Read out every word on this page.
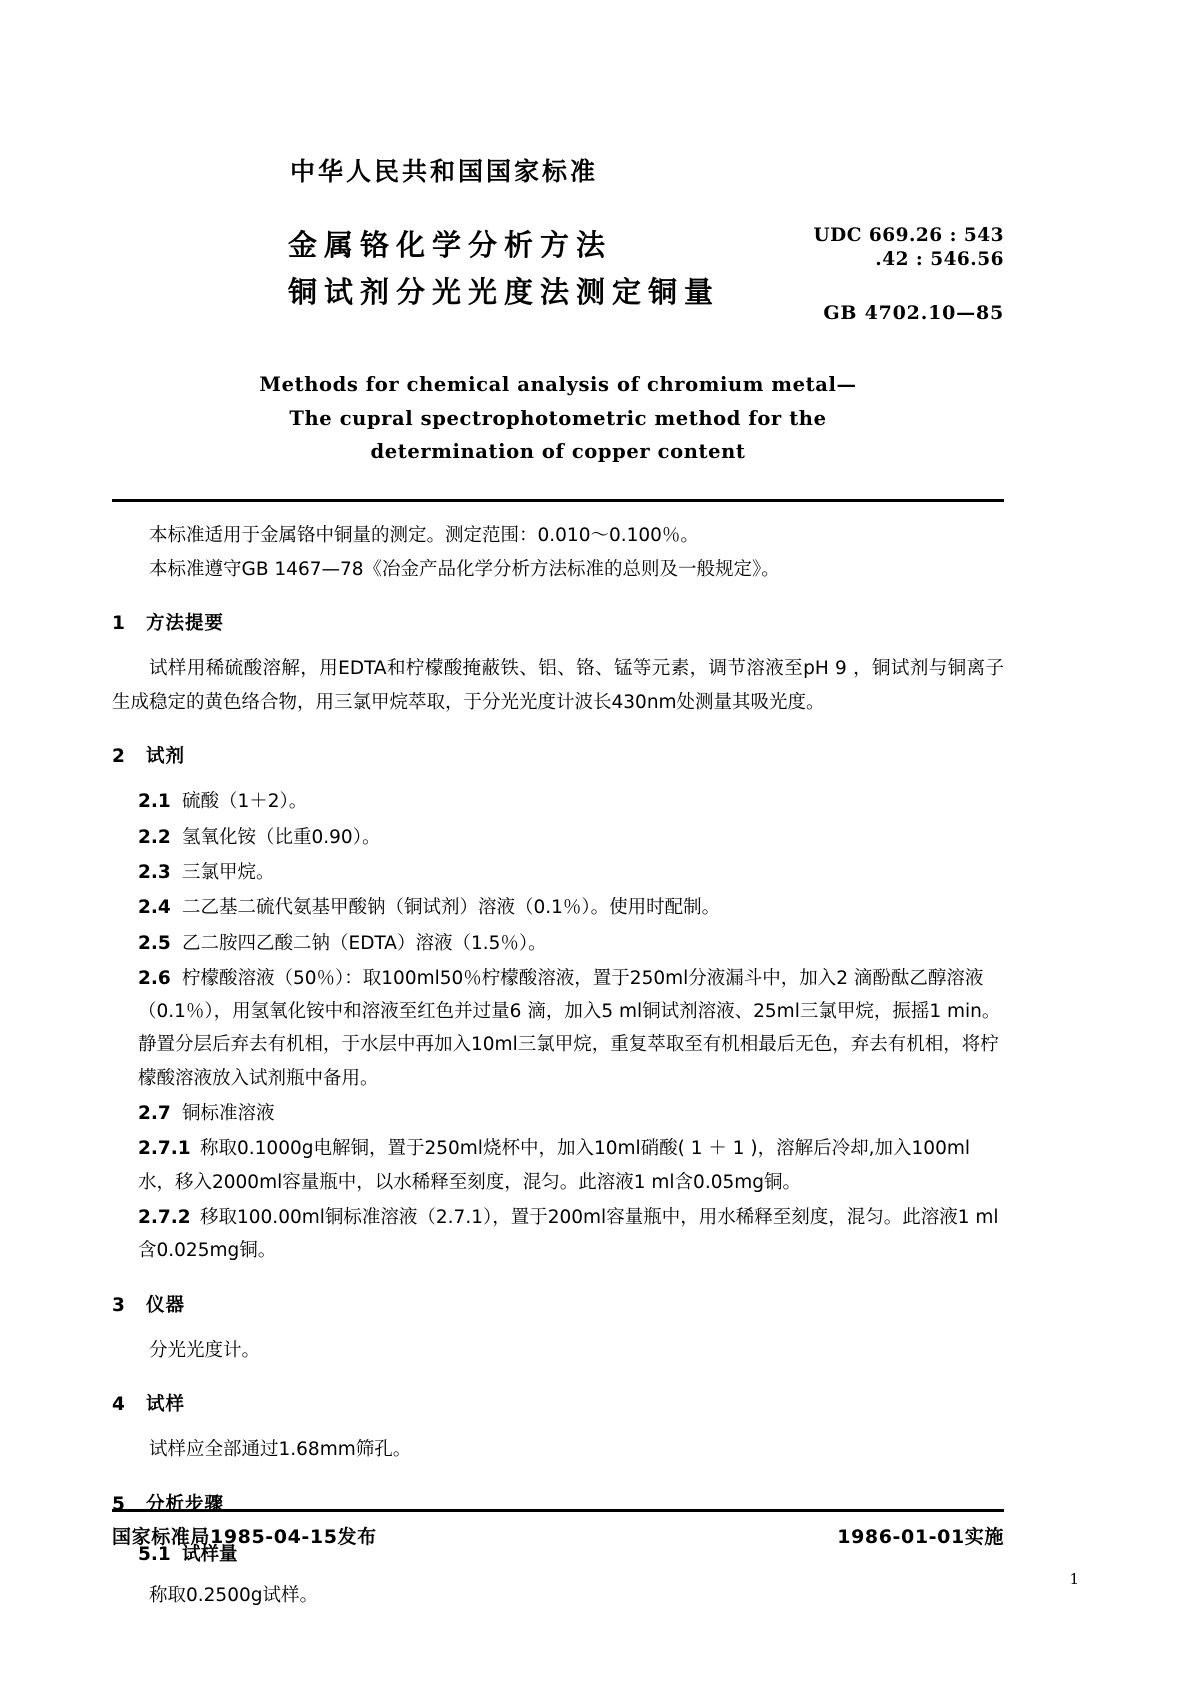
中华人民共和国国家标准
金属铬化学分析方法
铜试剂分光光度法测定铜量
UDC 669.26 : 543
.42 : 546.56
GB 4702.10—85
Methods for chemical analysis of chromium metal—
The cupral spectrophotometric method for the
determination of copper content

本标准适用于金属铬中铜量的测定。测定范围：0.010～0.100％。

本标准遵守GB 1467—78《冶金产品化学分析方法标准的总则及一般规定》。

1 方法提要

试样用稀硫酸溶解，用EDTA和柠檬酸掩蔽铁、铝、铬、锰等元素，调节溶液至pH 9 ，铜试剂与铜离子生成稳定的黄色络合物，用三氯甲烷萃取，于分光光度计波长430nm处测量其吸光度。

2 试剂

2.1 硫酸（1＋2）。

2.2 氢氧化铵（比重0.90）。

2.3 三氯甲烷。

2.4 二乙基二硫代氨基甲酸钠（铜试剂）溶液（0.1％）。使用时配制。

2.5 乙二胺四乙酸二钠（EDTA）溶液（1.5％）。

2.6 柠檬酸溶液（50％）：取100ml50％柠檬酸溶液，置于250ml分液漏斗中，加入2 滴酚酞乙醇溶液（0.1％），用氢氧化铵中和溶液至红色并过量6 滴，加入5 ml铜试剂溶液、25ml三氯甲烷，振摇1 min。静置分层后弃去有机相，于水层中再加入10ml三氯甲烷，重复萃取至有机相最后无色，弃去有机相，将柠檬酸溶液放入试剂瓶中备用。

2.7 铜标准溶液

2.7.1 称取0.1000g电解铜，置于250ml烧杯中，加入10ml硝酸( 1 ＋ 1 )，溶解后冷却,加入100ml水，移入2000ml容量瓶中，以水稀释至刻度，混匀。此溶液1 ml含0.05mg铜。

2.7.2 移取100.00ml铜标准溶液（2.7.1），置于200ml容量瓶中，用水稀释至刻度，混匀。此溶液1 ml含0.025mg铜。

3 仪器

分光光度计。

4 试样

试样应全部通过1.68mm筛孔。

5 分析步骤
5.1 试样量

称取0.2500g试样。

国家标准局1985-04-15发布	1986-01-01实施
1
